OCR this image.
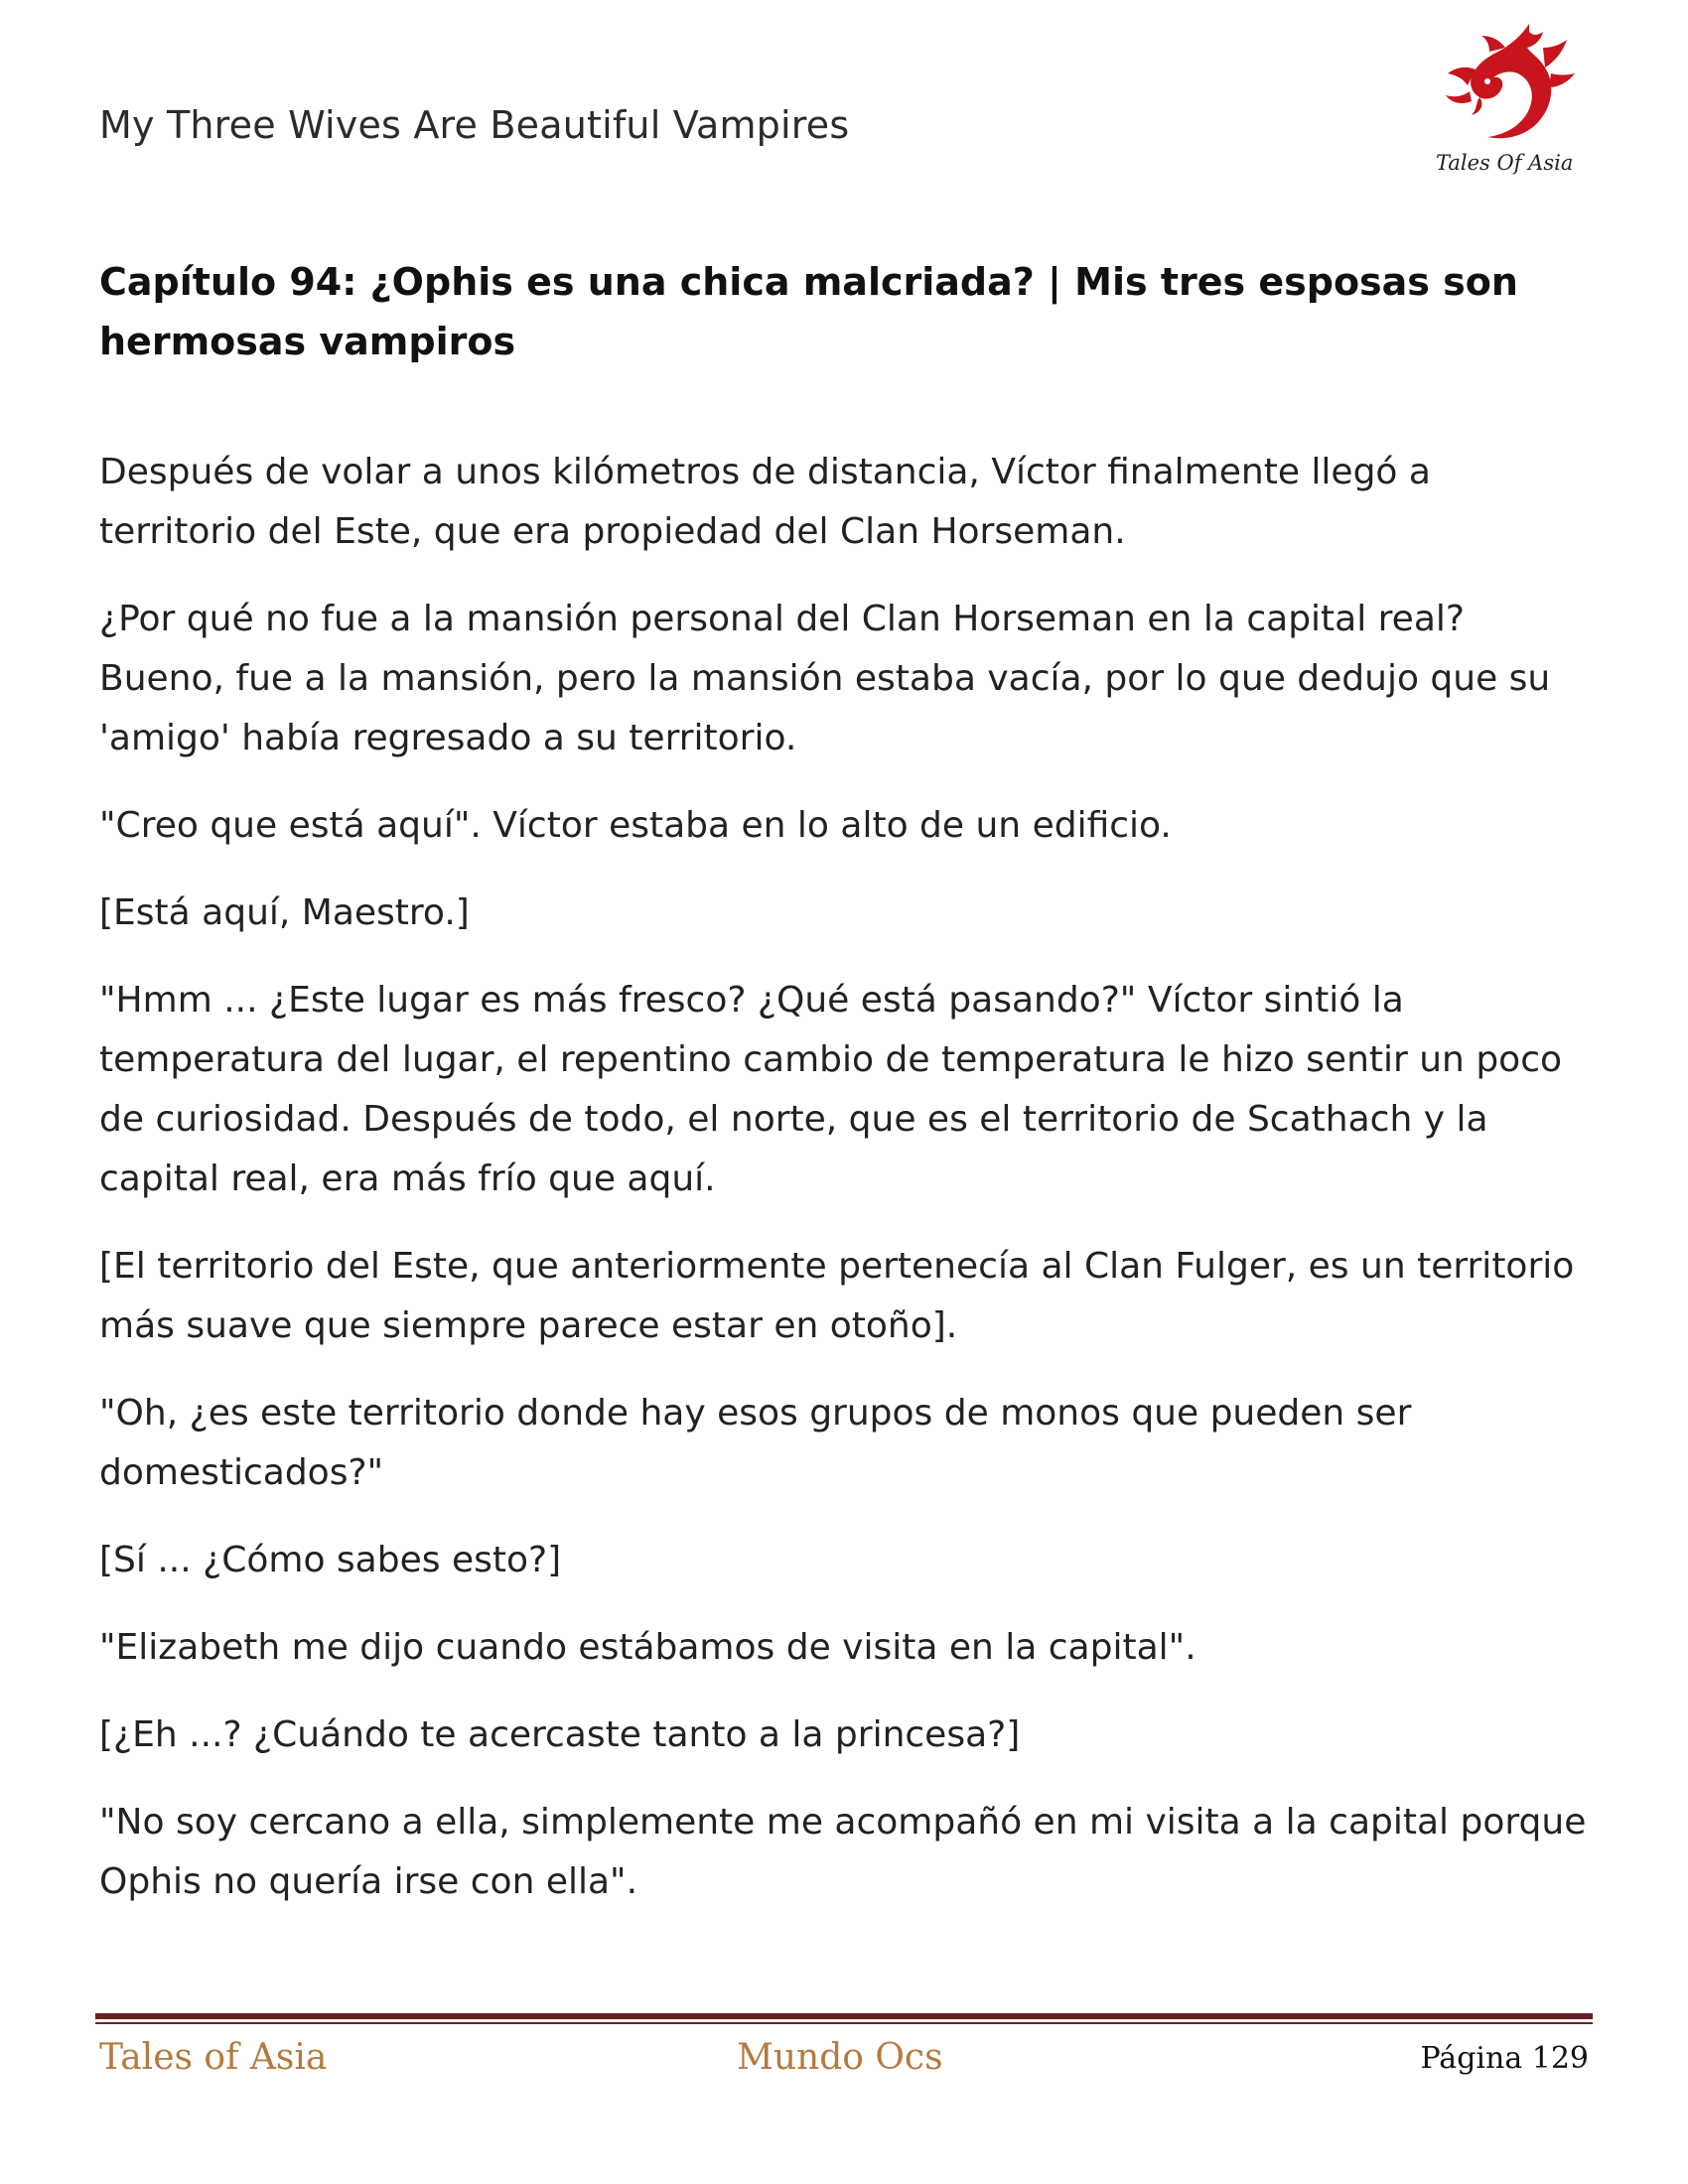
My Three Wives Are Beautiful Vampires
Tales Of Asia
Capítulo 94: ¿Ophis es una chica malcriada? | Mis tres esposas son hermosas vampiros

Después de volar a unos kilómetros de distancia, Víctor finalmente llegó a territorio del Este, que era propiedad del Clan Horseman.

¿Por qué no fue a la mansión personal del Clan Horseman en la capital real? Bueno, fue a la mansión, pero la mansión estaba vacía, por lo que dedujo que su 'amigo' había regresado a su territorio.

"Creo que está aquí". Víctor estaba en lo alto de un edificio.

[Está aquí, Maestro.]

"Hmm ... ¿Este lugar es más fresco? ¿Qué está pasando?" Víctor sintió la temperatura del lugar, el repentino cambio de temperatura le hizo sentir un poco de curiosidad. Después de todo, el norte, que es el territorio de Scathach y la capital real, era más frío que aquí.

[El territorio del Este, que anteriormente pertenecía al Clan Fulger, es un territorio más suave que siempre parece estar en otoño].

"Oh, ¿es este territorio donde hay esos grupos de monos que pueden ser domesticados?"

[Sí ... ¿Cómo sabes esto?]

"Elizabeth me dijo cuando estábamos de visita en la capital".

[¿Eh ...? ¿Cuándo te acercaste tanto a la princesa?]

"No soy cercano a ella, simplemente me acompañó en mi visita a la capital porque Ophis no quería irse con ella".

Tales of Asia	Mundo Ocs	Página 129
